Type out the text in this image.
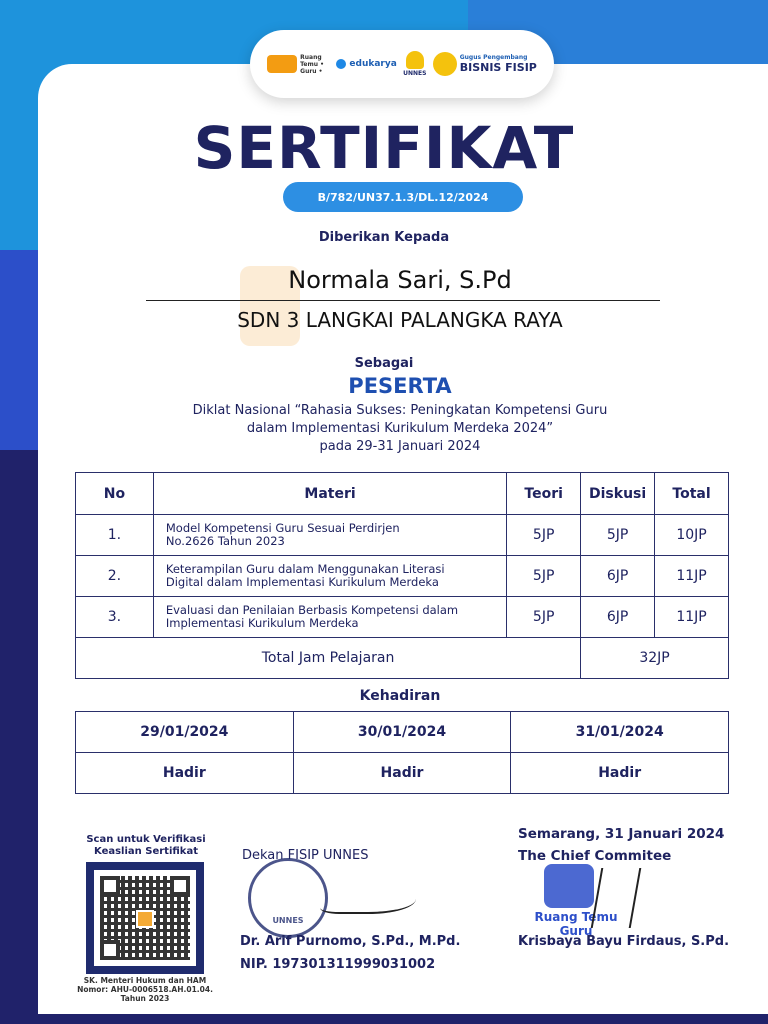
Ruang Temu • Guru •
edukarya
UNNES
Gugus Pengembang
BISNIS FISIP
SERTIFIKAT
B/782/UN37.1.3/DL.12/2024
Diberikan Kepada
Normala Sari, S.Pd
SDN 3 LANGKAI PALANGKA RAYA
Sebagai
PESERTA
Diklat Nasional “Rahasia Sukses: Peningkatan Kompetensi Guru
dalam Implementasi Kurikulum Merdeka 2024”
pada 29-31 Januari 2024
No	Materi	Teori	Diskusi	Total
1.	Model Kompetensi Guru Sesuai Perdirjen
No.2626 Tahun 2023	5JP	5JP	10JP
2.	Keterampilan Guru dalam Menggunakan Literasi
Digital dalam Implementasi Kurikulum Merdeka	5JP	6JP	11JP
3.	Evaluasi dan Penilaian Berbasis Kompetensi dalam
Implementasi Kurikulum Merdeka	5JP	6JP	11JP
Total Jam Pelajaran			32JP	
Kehadiran
29/01/2024	30/01/2024	31/01/2024
Hadir	Hadir	Hadir
Scan untuk Verifikasi
Keaslian Sertifikat
SK. Menteri Hukum dan HAM
Nomor: AHU-0006518.AH.01.04.
Tahun 2023
Dekan FISIP UNNES
UNNES
Dr. Arif Purnomo, S.Pd., M.Pd.
NIP. 197301311999031002
Semarang, 31 Januari 2024
The Chief Commitee
Ruang Temu Guru
Krisbaya Bayu Firdaus, S.Pd.
